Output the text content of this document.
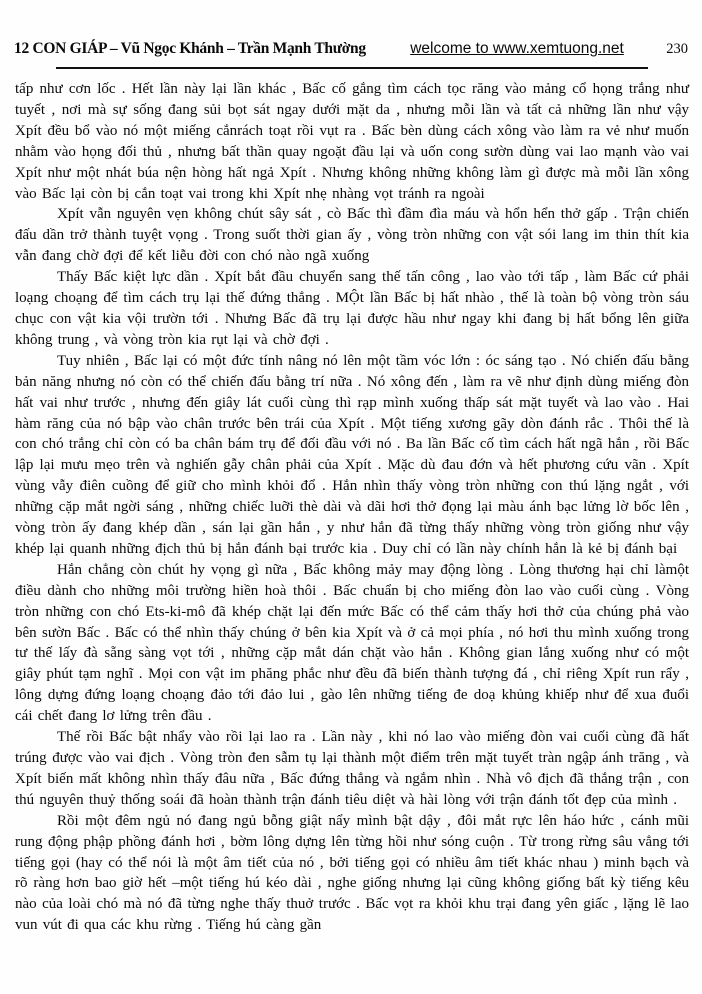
12 CON GIÁP – Vũ Ngọc Khánh – Trần Mạnh Thường	welcome to www.xemtuong.net	230

tấp như cơn lốc . Hết lần này lại lần khác , Bấc cố gắng tìm cách tọc răng vào mảng cổ họng trắng như tuyết , nơi mà sự sống đang sủi bọt sát ngay dưới mặt da , nhưng mỗi lần và tất cả những lần như vậy Xpít đều bổ vào nó một miếng cắnrách toạt rồi vụt ra . Bấc bèn dùng cách xông vào làm ra vẻ như muốn nhằm vào họng đối thủ , nhưng bất thần quay ngoặt đầu lại và uốn cong sườn dùng vai lao mạnh vào vai Xpít như một nhát búa nện hòng hất ngả Xpít . Nhưng không những không làm gì được mà mỗi lần xông vào Bấc lại còn bị cắn toạt vai trong khi Xpít nhẹ nhàng vọt tránh ra ngoài

Xpít vẫn nguyên vẹn không chút sây sát , cò Bấc thì đầm đìa máu và hổn hển thở gấp . Trận chiến đấu dần trở thành tuyệt vọng . Trong suốt thời gian ấy , vòng tròn những con vật sói lang im thin thít kia vẫn đang chờ đợi để kết liễu đời con chó nào ngã xuống

Thấy Bấc kiệt lực dần . Xpít bắt đầu chuyển sang thế tấn công , lao vào tới tấp , làm Bấc cứ phải loạng choạng để tìm cách trụ lại thế đứng thẳng . MỘt lần Bấc bị hất nhào , thế là toàn bộ vòng tròn sáu chục con vật kia vội trườn tới . Nhưng Bấc đã trụ lại được hầu như ngay khi đang bị hất bổng lên giữa không trung , và vòng tròn kia rụt lại và chờ đợi .

Tuy nhiên , Bấc lại có một đức tính nâng nó lên một tầm vóc lớn : óc sáng tạo . Nó chiến đấu bằng bản năng nhưng nó còn có thể chiến đấu bằng trí nữa . Nó xông đến , làm ra vẽ như định dùng miếng đòn hất vai như trước , nhưng đến giây lát cuối cùng thì rạp mình xuống thấp sát mặt tuyết và lao vào . Hai hàm răng của nó bập vào chân trước bên trái của Xpít . Một tiếng xương gãy dòn đánh rắc . Thôi thế là con chó trắng chỉ còn có ba chân bám trụ để đối đầu với nó . Ba lần Bấc cố tìm cách hất ngã hắn , rồi Bấc lập lại mưu mẹo trên và nghiến gẫy chân phải của Xpít . Mặc dù đau đớn và hết phương cứu vãn . Xpít vùng vẫy điên cuồng để giữ cho mình khỏi đổ . Hắn nhìn thấy vòng tròn những con thú lặng ngắt , với những cặp mắt ngời sáng , những chiếc luỡi thè dài và dãi hơi thở đọng lại màu ánh bạc lửng lờ bốc lên , vòng tròn ấy đang khép dần , sán lại gần hắn , y như hắn đã từng thấy những vòng tròn giống như vậy khép lại quanh những địch thủ bị hắn đánh bại trước kia . Duy chỉ có lần này chính hắn là kẻ bị đánh bại

Hắn chẳng còn chút hy vọng gì nữa , Bấc không mảy may động lòng . Lòng thương hại chỉ làmột điều dành cho những môi trường hiền hoà thôi . Bấc chuẩn bị cho miếng đòn lao vào cuối cùng . Vòng tròn những con chó Ets-ki-mô đã khép chặt lại đến mức Bấc có thể cảm thấy hơi thở của chúng phả vào bên sườn Bấc . Bấc có thể nhìn thấy chúng ở bên kia Xpít và ở cả mọi phía , nó hơi thu mình xuống trong tư thế lấy đà sẵng sàng vọt tới , những cặp mắt dán chặt vào hắn . Không gian lắng xuống như có một giây phút tạm nghĩ . Mọi con vật im phăng phắc như đều đã biến thành tượng đá , chỉ riêng Xpít run rẩy , lông dựng đứng loạng choạng đảo tới đảo lui , gào lên những tiếng đe doạ khủng khiếp như để xua đuổi cái chết đang lơ lửng trên đầu .

Thế rồi Bấc bật nhẩy vào rồi lại lao ra . Lần này , khi nó lao vào miếng đòn vai cuối cùng đã hất trúng được vào vai địch . Vòng tròn đen sẫm tụ lại thành một điểm trên mặt tuyết tràn ngập ánh trăng , và Xpít biến mất không nhìn thấy đâu nữa , Bấc đứng thẳng và ngắm nhìn . Nhà vô địch đã thắng trận , con thú nguyên thuỷ thống soái đã hoàn thành trận đánh tiêu diệt và hài lòng với trận đánh tốt đẹp của mình .

Rồi một đêm ngủ nó đang ngủ bỗng giật nẩy mình bật dậy , đôi mắt rực lên háo hức , cánh mũi rung động phập phồng đánh hơi , bờm lông dựng lên từng hồi như sóng cuộn . Từ trong rừng sâu vẳng tới tiếng gọi (hay có thể nói là một âm tiết của nó , bởi tiếng gọi có nhiều âm tiết khác nhau ) minh bạch và rõ ràng hơn bao giờ hết –một tiếng hú kéo dài , nghe giống nhưng lại cũng không giống bất kỳ tiếng kêu nào của loài chó mà nó đã từng nghe thấy thuở trước . Bấc vọt ra khỏi khu trại đang yên giấc , lặng lẽ lao vun vút đi qua các khu rừng . Tiếng hú càng gần
